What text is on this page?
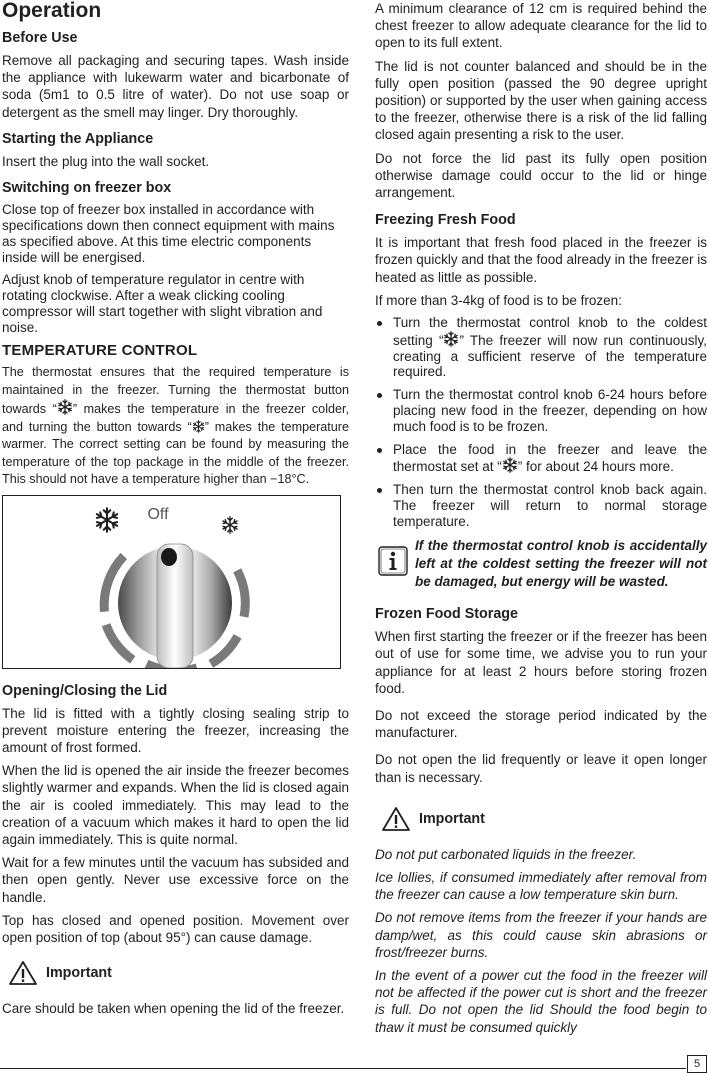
Operation
Before Use

Remove all packaging and securing tapes. Wash inside the appliance with lukewarm water and bicarbonate of soda (5m1 to 0.5 litre of water). Do not use soap or detergent as the smell may linger. Dry thoroughly.

Starting the Appliance

Insert the plug into the wall socket.

Switching on freezer box

Close top of freezer box installed in accordance with specifications down then connect equipment with mains as specified above. At this time electric components inside will be energised.

Adjust knob of temperature regulator in centre with rotating clockwise. After a weak clicking cooling compressor will start together with slight vibration and noise.

TEMPERATURE CONTROL

The thermostat ensures that the required temperature is maintained in the freezer. Turning the thermostat button towards “ ” makes the temperature in the freezer colder, and turning the button towards “ ” makes the temperature warmer. The correct setting can be found by measuring the temperature of the top package in the middle of the freezer. This should not have a temperature higher than −18°C.

Off
Opening/Closing the Lid

The lid is fitted with a tightly closing sealing strip to prevent moisture entering the freezer, increasing the amount of frost formed.

When the lid is opened the air inside the freezer becomes slightly warmer and expands. When the lid is closed again the air is cooled immediately. This may lead to the creation of a vacuum which makes it hard to open the lid again immediately. This is quite normal.

Wait for a few minutes until the vacuum has subsided and then open gently. Never use excessive force on the handle.

Top has closed and opened position. Movement over open position of top (about 95°) can cause damage.

Important

Care should be taken when opening the lid of the freezer.

A minimum clearance of 12 cm is required behind the chest freezer to allow adequate clearance for the lid to open to its full extent.

The lid is not counter balanced and should be in the fully open position (passed the 90 degree upright position) or supported by the user when gaining access to the freezer, otherwise there is a risk of the lid falling closed again presenting a risk to the user.

Do not force the lid past its fully open position otherwise damage could occur to the lid or hinge arrangement.

Freezing Fresh Food

It is important that fresh food placed in the freezer is frozen quickly and that the food already in the freezer is heated as little as possible.

If more than 3-4kg of food is to be frozen:

Turn the thermostat control knob to the coldest setting “ ” The freezer will now run continuously, creating a sufficient reserve of the temperature required.
Turn the thermostat control knob 6-24 hours before placing new food in the freezer, depending on how much food is to be frozen.
Place the food in the freezer and leave the thermostat set at “ ” for about 24 hours more.
Then turn the thermostat control knob back again. The freezer will return to normal storage temperature.

If the thermostat control knob is accidentally left at the coldest setting the freezer will not be damaged, but energy will be wasted.

Frozen Food Storage

When first starting the freezer or if the freezer has been out of use for some time, we advise you to run your appliance for at least 2 hours before storing frozen food.

Do not exceed the storage period indicated by the manufacturer.

Do not open the lid frequently or leave it open longer than is necessary.

Important

Do not put carbonated liquids in the freezer.

Ice lollies, if consumed immediately after removal from the freezer can cause a low temperature skin burn.

Do not remove items from the freezer if your hands are damp/wet, as this could cause skin abrasions or frost/freezer burns.

In the event of a power cut the food in the freezer will not be affected if the power cut is short and the freezer is full. Do not open the lid Should the food begin to thaw it must be consumed quickly

5
